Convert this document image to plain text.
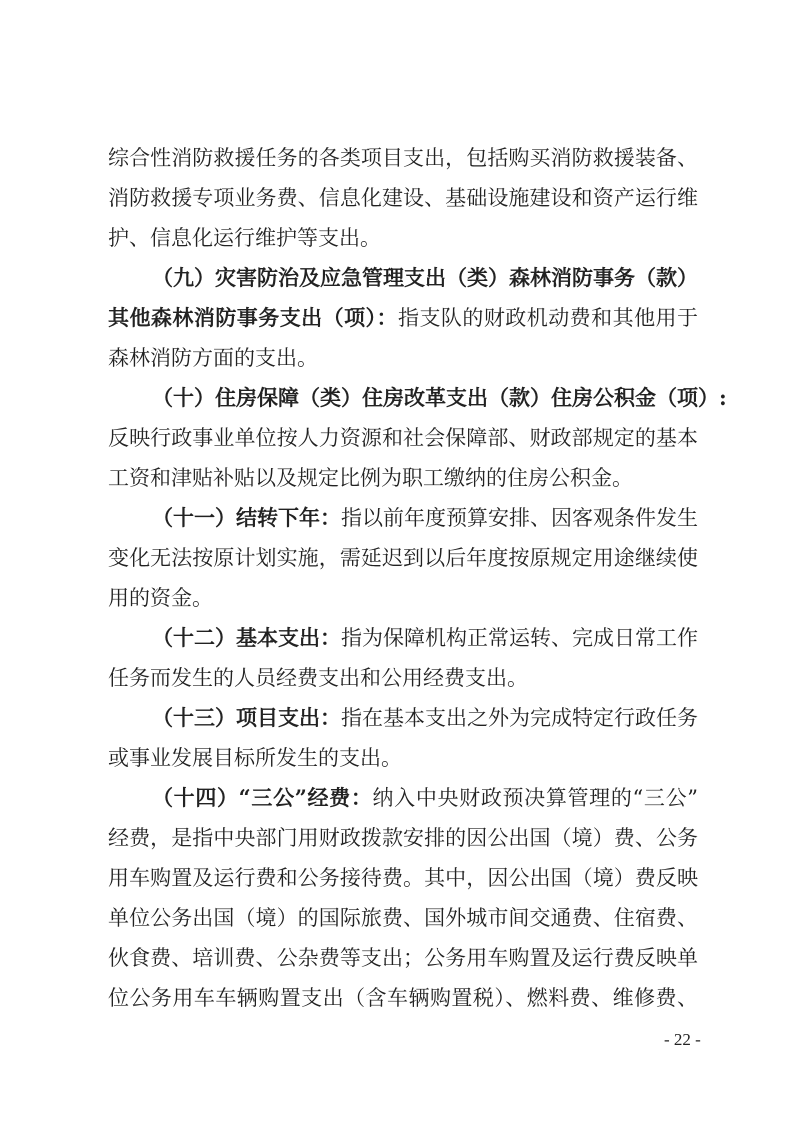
综合性消防救援任务的各类项目支出，包括购买消防救援装备、
消防救援专项业务费、信息化建设、基础设施建设和资产运行维
护、信息化运行维护等支出。
（九）灾害防治及应急管理支出（类）森林消防事务（款）
其他森林消防事务支出（项）：指支队的财政机动费和其他用于
森林消防方面的支出。
（十）住房保障（类）住房改革支出（款）住房公积金（项）:
反映行政事业单位按人力资源和社会保障部、财政部规定的基本
工资和津贴补贴以及规定比例为职工缴纳的住房公积金。
（十一）结转下年：指以前年度预算安排、因客观条件发生
变化无法按原计划实施，需延迟到以后年度按原规定用途继续使
用的资金。
（十二）基本支出：指为保障机构正常运转、完成日常工作
任务而发生的人员经费支出和公用经费支出。
（十三）项目支出：指在基本支出之外为完成特定行政任务
或事业发展目标所发生的支出。
（十四）“三公”经费：纳入中央财政预决算管理的“三公”
经费，是指中央部门用财政拨款安排的因公出国（境）费、公务
用车购置及运行费和公务接待费。其中，因公出国（境）费反映
单位公务出国（境）的国际旅费、国外城市间交通费、住宿费、
伙食费、培训费、公杂费等支出；公务用车购置及运行费反映单
位公务用车车辆购置支出（含车辆购置税）、燃料费、维修费、
- 22 -
